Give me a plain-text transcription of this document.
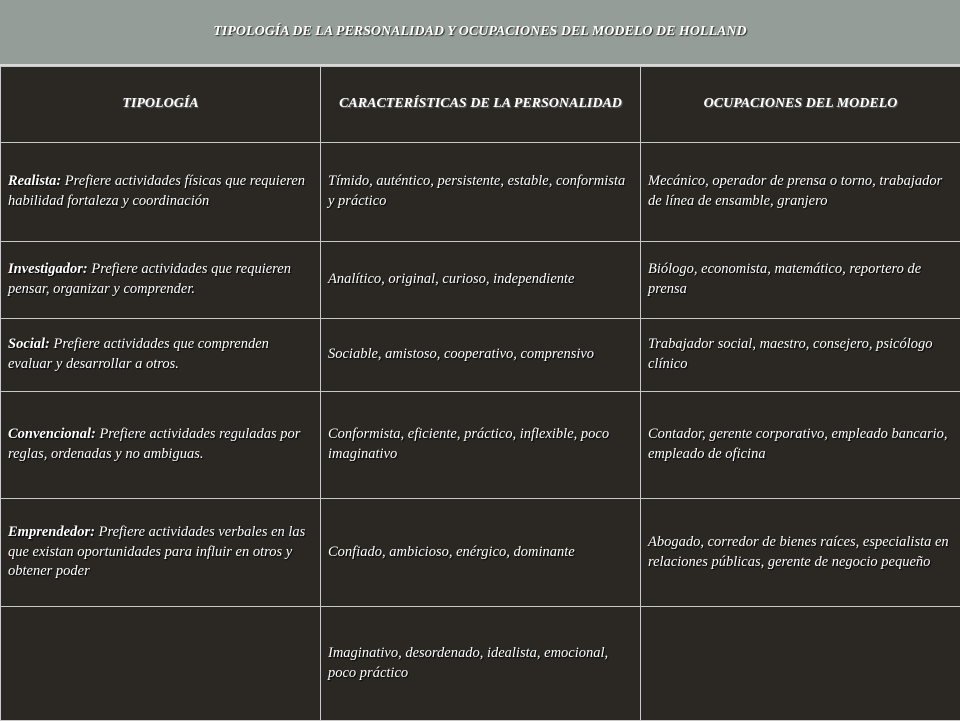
TIPOLOGÍA DE LA PERSONALIDAD Y OCUPACIONES DEL MODELO DE HOLLAND
TIPOLOGÍA	CARACTERÍSTICAS DE LA PERSONALIDAD	OCUPACIONES DEL MODELO
Realista: Prefiere actividades físicas que requieren habilidad fortaleza y coordinación	Tímido, auténtico, persistente, estable, conformista y práctico	Mecánico, operador de prensa o torno, trabajador de línea de ensamble, granjero
Investigador: Prefiere actividades que requieren pensar, organizar y comprender.	Analítico, original, curioso, independiente	Biólogo, economista, matemático, reportero de prensa
Social: Prefiere actividades que comprenden evaluar y desarrollar a otros.	Sociable, amistoso, cooperativo, comprensivo	Trabajador social, maestro, consejero, psicólogo clínico
Convencional: Prefiere actividades reguladas por reglas, ordenadas y no ambiguas.	Conformista, eficiente, práctico, inflexible, poco imaginativo	Contador, gerente corporativo, empleado bancario, empleado de oficina
Emprendedor: Prefiere actividades verbales en las que existan oportunidades para influir en otros y obtener poder	Confiado, ambicioso, enérgico, dominante	Abogado, corredor de bienes raíces, especialista en relaciones públicas, gerente de negocio pequeño
	Imaginativo, desordenado, idealista, emocional, poco práctico	
